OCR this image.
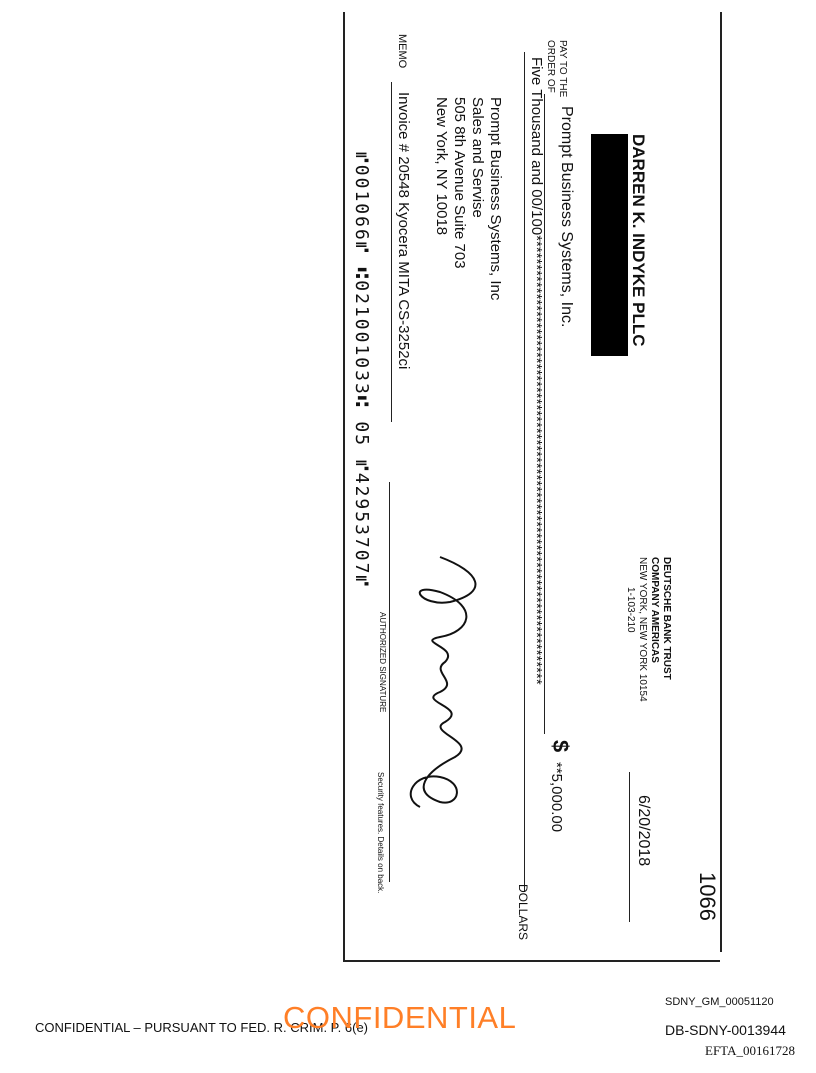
DARREN K. INDYKE PLLC
1066
DEUTSCHE BANK TRUST
COMPANY AMERICAS
NEW YORK, NEW YORK 10154
1-103-210
6/20/2018
PAY TO THE
ORDER OF
Prompt Business Systems, Inc.
$
**5,000.00
Five Thousand and 00/100*****************************************************************************
DOLLARS
Prompt Business Systems, Inc
Sales and Servise
505 8th Avenue Suite 703
New York, NY 10018
MEMO
Invoice # 20548 Kyocera MITA CS-3252ci
AUTHORIZED SIGNATURE
Security features. Details on back.
⑈001066⑈ ⑆021001033⑆ 05 ⑈42953707⑈
CONFIDENTIAL – PURSUANT TO FED. R. CRIM. P. 6(e)
CONFIDENTIAL	SDNY_GM_00051120
DB-SDNY-0013944
EFTA_00161728
